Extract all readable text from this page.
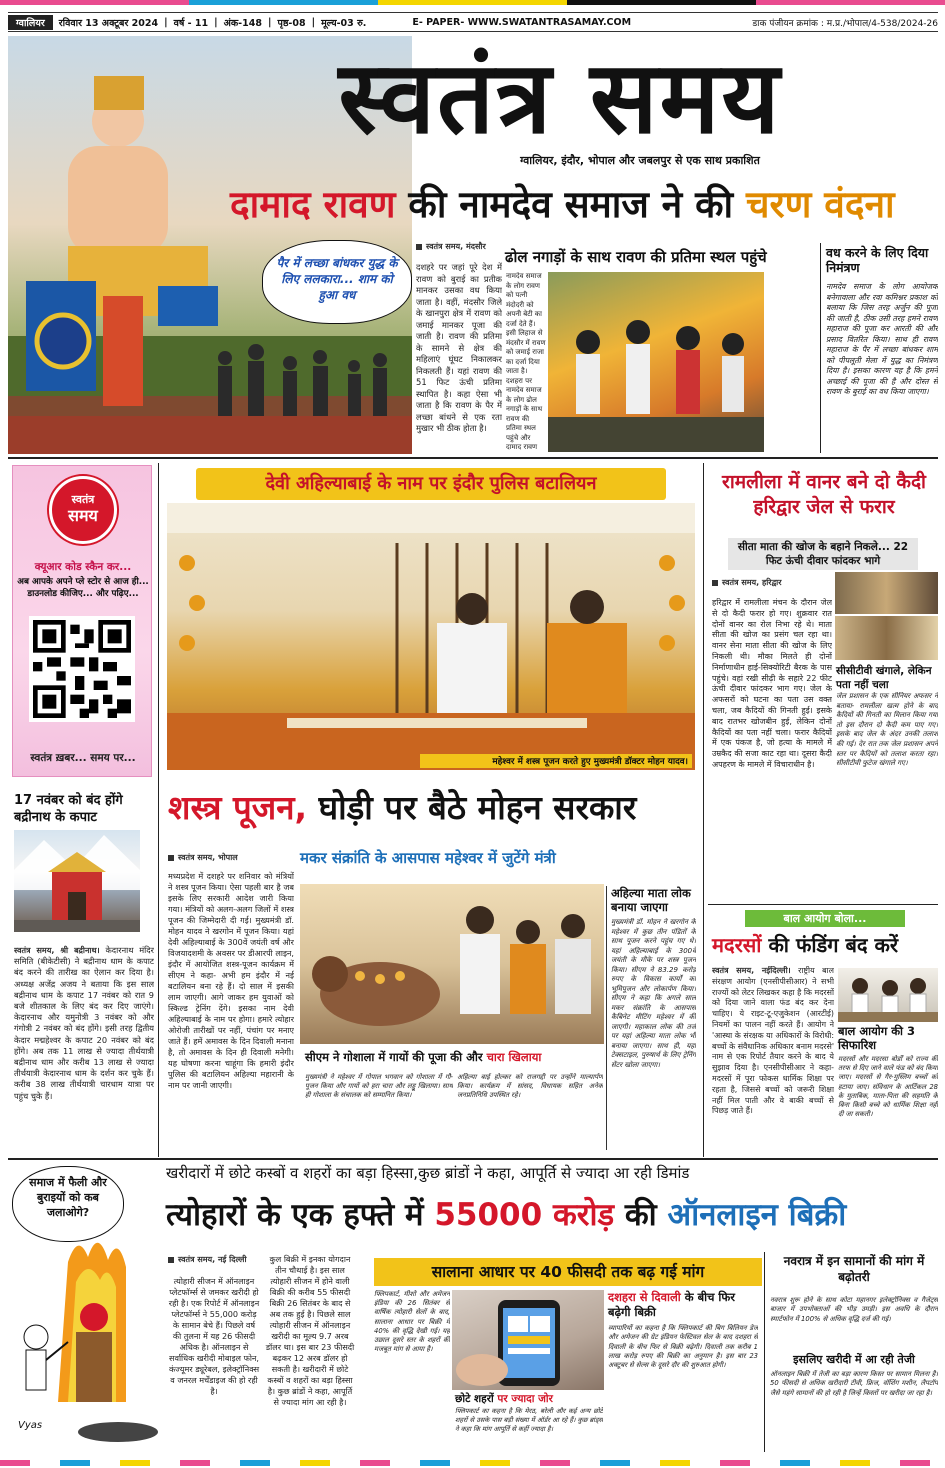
ग्वालियर	रविवार 13 अक्टूबर 2024 | वर्ष - 11 | अंक-148 | पृष्ठ-08 | मूल्य-03 रु.	E- PAPER- WWW.SWATANTRASAMAY.COM	डाक पंजीयन क्रमांक : म.प्र./भोपाल/4-538/2024-26
स्वतंत्र समय
ग्वालियर, इंदौर, भोपाल और जबलपुर से एक साथ प्रकाशित
दामाद रावण की नामदेव समाज ने की चरण वंदना
पैर में लच्छा बांधकर युद्ध के लिए ललकारा... शाम को हुआ वध
स्वतंत्र समय, मंदसौर
दशहरे पर जहां पूरे देश में रावण को बुराई का प्रतीक मानकर उसका वध किया जाता है। वहीं, मंदसौर जिले के खानपुरा क्षेत्र में रावण को जमाई मानकर पूजा की जाती है। रावण की प्रतिमा के सामने से क्षेत्र की महिलाएं घूंघट निकालकर निकलती हैं। यहां रावण की 51 फिट ऊंची प्रतिमा स्थापित है। कहा ऐसा भी जाता है कि रावण के पैर में लच्छा बांधने से एक रता मुखार भी ठीक होता है।
ढोल नगाड़ों के साथ रावण की प्रतिमा स्थल पहुंचे
नामदेव समाज के लोग रावण को पत्नी मंदोदरी को अपनी बेटी का दर्जा देते हैं। इसी लिहाज से मंदसौर में रावण को जमाई राजा का दर्जा दिया जाता है। दशहरा पर नामदेव समाज के लोग ढोल नगाड़ों के साथ रावण की प्रतिमा स्थल पहुंचे और दामाद रावण
वध करने के लिए दिया निमंत्रण
नामदेव समाज के लोग आयोजक बनेगावाला और रवा कमिश्नर प्रकाश को बलाया कि जिस तरह अर्जुन की पूजा की जाती है, ठीक उसी तरह हमने रावण महाराज की पूजा कर आरती की और प्रसाद वितरित किया। साथ ही रावण महाराज के पैर में लच्छा बांधकर शाम को पीपलूती मेला में युद्ध का निमंत्रण दिया है। इसका कारण यह है कि हमने अच्छाई की पूजा की है और दोस्त से रावण के बुराई का वध किया जाएगा।
स्वतंत्र
समय
क्यूआर कोड स्कैन कर...
अब आपके अपने प्ले स्टोर से आज ही... डाउनलोड कीजिए... और पढ़िए...
स्वतंत्र ख़बर... समय पर...
17 नवंबर को बंद होंगे बद्रीनाथ के कपाट
स्वतंत्र समय, श्री बद्रीनाथ। केदारनाथ मंदिर समिति (बीकेटीसी) ने बद्रीनाथ धाम के कपाट बंद करने की तारीख का ऐलान कर दिया है। अध्यक्ष अजेंद्र अजय ने बताया कि इस साल बद्रीनाथ धाम के कपाट 17 नवंबर को रात 9 बजे शीतकाल के लिए बंद कर दिए जाएंगे। केदारनाथ और यमुनोत्री 3 नवंबर को और गंगोत्री 2 नवंबर को बंद होंगे। इसी तरह द्वितीय केदार मद्महेश्वर के कपाट 20 नवंबर को बंद होंगे। अब तक 11 लाख से ज्यादा तीर्थयात्री बद्रीनाथ धाम और करीब 13 लाख से ज्यादा तीर्थयात्री केदारनाथ धाम के दर्शन कर चुके हैं। करीब 38 लाख तीर्थयात्री चारधाम यात्रा पर पहुंच चुके हैं।
देवी अहिल्याबाई के नाम पर इंदौर पुलिस बटालियन
महेश्वर में शस्त्र पूजन करते हुए मुख्यमंत्री डॉक्टर मोहन यादव।
शस्त्र पूजन, घोड़ी पर बैठे मोहन सरकार
मकर संक्रांति के आसपास महेश्वर में जुटेंगे मंत्री
स्वतंत्र समय, भोपाल
मध्यप्रदेश में दशहरे पर शनिवार को मंत्रियों ने शस्त्र पूजन किया। ऐसा पहली बार है जब इसके लिए सरकारी आदेश जारी किया गया। मंत्रियों को अलग-अलग जिलों में शस्त्र पूजन की जिम्मेदारी दी गई। मुख्यमंत्री डॉ. मोहन यादव ने खरगोन में पूजन किया। यहां देवी अहिल्याबाई के 300वें जयंती वर्ष और विजयादशमी के अवसर पर डीआरपी लाइन, इंदौर में आयोजित शस्त्र-पूजन कार्यक्रम में सीएम ने कहा- अभी हम इंदौर में नई बटालियन बना रहे हैं। दो साल में इसकी लाम जाएगी। आगे जाकर हम युवाओं को स्किल्ड ट्रेनिंग देंगे। इसका नाम देवी अहिल्याबाई के नाम पर होगा। हमारे त्योहार ओरोजी तारीखों पर नहीं, पंचांग पर मनाए जाते हैं। हमें अमावस के दिन दिवाली मनाना है, तो अमावस के दिन ही दिवाली मनेगी। यह घोषणा करना चाहूंगा कि हमारी इंदौर पुलिस की बटालियन अहिल्या महारानी के नाम पर जानी जाएगी।
अहिल्या माता लोक बनाया जाएगा
मुख्यमंत्री डॉ. मोहन ने खरगोन के महेश्वर में कुछ तीन पंडितों के साथ पूजन करने पहुंच गए थे। यहां अहिल्याबाई के 300वें जयंती के मौके पर शस्त्र पूजन किया। सीएम ने 83.29 करोड़ रुपए के विकास कार्यों का भूमिपूजन और लोकार्पण किया। सीएम ने कहा कि अगले साल मकर संक्रांति के आसपास कैबिनेट मीटिंग महेश्वर में की जाएगी। महाकाल लोक की तर्ज पर यहां अहिल्या माता लोक भी बनाया जाएगा। साथ ही, यहां टेक्सटाइल, पुरुषार्थ के लिए ट्रेनिंग सेंटर खोला जाएगा।
सीएम ने गोशाला में गायों की पूजा की और चारा खिलाया
मुख्यमंत्री ने महेश्वर में गोपाल भगवान को गोशाला में गौ-पूजन किया और गायों को हरा चारा और लड्डू खिलाया। साथ ही गोशाला के संचालक को सम्मानित किया।
अहिल्या बाई होल्कर को राजगद्दी पर उन्होंने माल्यार्पण किया। कार्यक्रम में सांसद, विधायक सहित अनेक जनप्रतिनिधि उपस्थित रहे।
रामलीला में वानर बने दो कैदी हरिद्वार जेल से फरार
सीता माता की खोज के बहाने निकले... 22 फिट ऊंची दीवार फांदकर भागे
स्वतंत्र समय, हरिद्वार
हरिद्वार में रामलीला मंचन के दौरान जेल से दो कैदी फरार हो गए। शुक्रवार रात दोनों वानर का रोल निभा रहे थे। माता सीता की खोज का प्रसंग चल रहा था। वानर सेना माता सीता की खोज के लिए निकली थी। मौका मिलते ही दोनों निर्माणाधीन हाई-सिक्योरिटी बैरक के पास पहुंचे। वहां रखी सीढ़ी के सहारे 22 फीट ऊंची दीवार फांदकर भाग गए। जेल के अफसरों को घटना का पता उस वक्त चला, जब कैदियों की गिनती हुई। इसके बाद रातभर खोजबीन हुई, लेकिन दोनों कैदियों का पता नहीं चला। फरार कैदियों में एक पंकज है, जो हत्या के मामले में उम्रकैद की सजा काट रहा था। दूसरा कैदी अपहरण के मामले में विचाराधीन है।
सीसीटीवी खंगाले, लेकिन पता नहीं चला
जेल प्रशासन के एक सीनियर अफसर ने बताया- रामलीला खत्म होने के बाद कैदियों की गिनती का मिलान किया गया तो इस दौरान दो कैदी कम पाए गए। इसके बाद जेल के अंदर उनकी तलाश की गई। देर रात तक जेल प्रशासन अपने स्तर पर कैदियों को तलाश करता रहा। सीसीटीवी फुटेज खंगाले गए।
बाल आयोग बोला...
मदरसों की फंडिंग बंद करें
स्वतंत्र समय, नईदिल्ली। राष्ट्रीय बाल संरक्षण आयोग (एनसीपीसीआर) ने सभी राज्यों को लेटर लिखकर कहा है कि मदरसों को दिया जाने वाला फंड बंद कर देना चाहिए। ये राइट-टू-एजुकेशन (आरटीई) नियमों का पालन नहीं करते हैं। आयोग ने 'आस्था के संरक्षक या अधिकारों के विरोधी: बच्चों के संवैधानिक अधिकार बनाम मदरसे' नाम से एक रिपोर्ट तैयार करने के बाद ये सुझाव दिया है। एनसीपीसीआर ने कहा- मदरसों में पूरा फोकस धार्मिक शिक्षा पर रहता है, जिससे बच्चों को जरूरी शिक्षा नहीं मिल पाती और वे बाकी बच्चों से पिछड़ जाते हैं।
बाल आयोग की 3 सिफारिश
मदरसों और मदरसा बोर्डों को राज्य की तरफ से दिए जाने वाले फंड को बंद किया जाए। मदरसों से गैर-मुस्लिम बच्चों को हटाया जाए। संविधान के आर्टिकल 28 के मुताबिक, माता-पिता की सहमति के बिना किसी बच्चे को धार्मिक शिक्षा नहीं दी जा सकती।
समाज में फैली और बुराइयों को कब जलाओगे?
Vyas
खरीदारों में छोटे कस्बों व शहरों का बड़ा हिस्सा,कुछ ब्रांडों ने कहा, आपूर्ति से ज्यादा आ रही डिमांड
त्योहारों के एक हफ्ते में 55000 करोड़ की ऑनलाइन बिक्री
स्वतंत्र समय, नई दिल्ली
त्योहारी सीजन में ऑनलाइन प्लेटफॉर्म्स से जमकर खरीदी हो रही है। एक रिपोर्ट में ऑनलाइन प्लेटफॉर्म्स ने 55,000 करोड़ के सामान बेचे हैं। पिछले वर्ष की तुलना में यह 26 फीसदी अधिक है। ऑनलाइन से सर्वाधिक खरीदी मोबाइल फोन, कंज्यूमर ड्यूरेबल, इलेक्ट्रॉनिक्स व जनरल मर्चेंडाइज की हो रही है।
कुल बिक्री में इनका योगदान तीन चौथाई है। इस साल त्योहारी सीजन में होने वाली बिक्री की करीब 55 फीसदी बिक्री 26 सितंबर के बाद से अब तक हुई है। पिछले साल त्योहारी सीजन में ऑनलाइन खरीदी का मूल्य 9.7 अरब डॉलर था। इस बार 23 फीसदी बढ़कर 12 अरब डॉलर हो सकती है। खरीदारी में छोटे कस्बों व शहरों का बड़ा हिस्सा है। कुछ ब्रांडों ने कहा, आपूर्ति से ज्यादा मांग आ रही है।
सालाना आधार पर 40 फीसदी तक बढ़ गई मांग
फ्लिपकार्ट, मीशो और अमेजन इंडिया की 26 सितंबर से वार्षिक त्योहारी सेलों के बाद, सालाना आधार पर बिक्री में 40% की वृद्धि देखी गई। यह उछाल दूसरे स्तर के शहरों की मजबूत मांग से आया है।
छोटे शहरों पर ज्यादा जोर
फ्लिपकार्ट का कहना है कि मेरठ, बरेली और कई अन्य छोटे शहरों से उसके पास बड़ी संख्या में ऑर्डर आ रहे हैं। कुछ ब्रांड्स ने कहा कि मांग आपूर्ति से कहीं ज्यादा है।
दशहरा से दिवाली के बीच फिर बढ़ेगी बिक्री
व्यापारियों का कहना है कि फ्लिपकार्ट की बिग बिलियन डेज और अमेजन की ग्रेट इंडियन फेस्टिवल सेल के बाद दशहरा से दिवाली के बीच फिर से बिक्री बढ़ेगी। दिवाली तक करीब 1 लाख करोड़ रुपए की बिक्री का अनुमान है। इस बार 23 अक्टूबर से सेल्स के दूसरे दौर की शुरुआत होगी।
नवरात्र में इन सामानों की मांग में बढ़ोतरी
नवरात्र शुरू होने के साथ कोटा महानगर इलेक्ट्रॉनिक्स व गैजेट्स बाजार में उपभोक्ताओं की भीड़ उमड़ी। इस अवधि के दौरान स्मार्टफोन में 100% से अधिक वृद्धि दर्ज की गई।
इसलिए खरीदी में आ रही तेजी
ऑनलाइन बिक्री में तेजी का बड़ा कारण किस्त पर सामान मिलना है। 50 फीसदी से अधिक खरीदारी टीवी, फ्रिज, वॉशिंग मशीन, लैपटॉप जैसे महंगे सामानों की हो रही है जिन्हें किस्तों पर खरीदा जा रहा है।
